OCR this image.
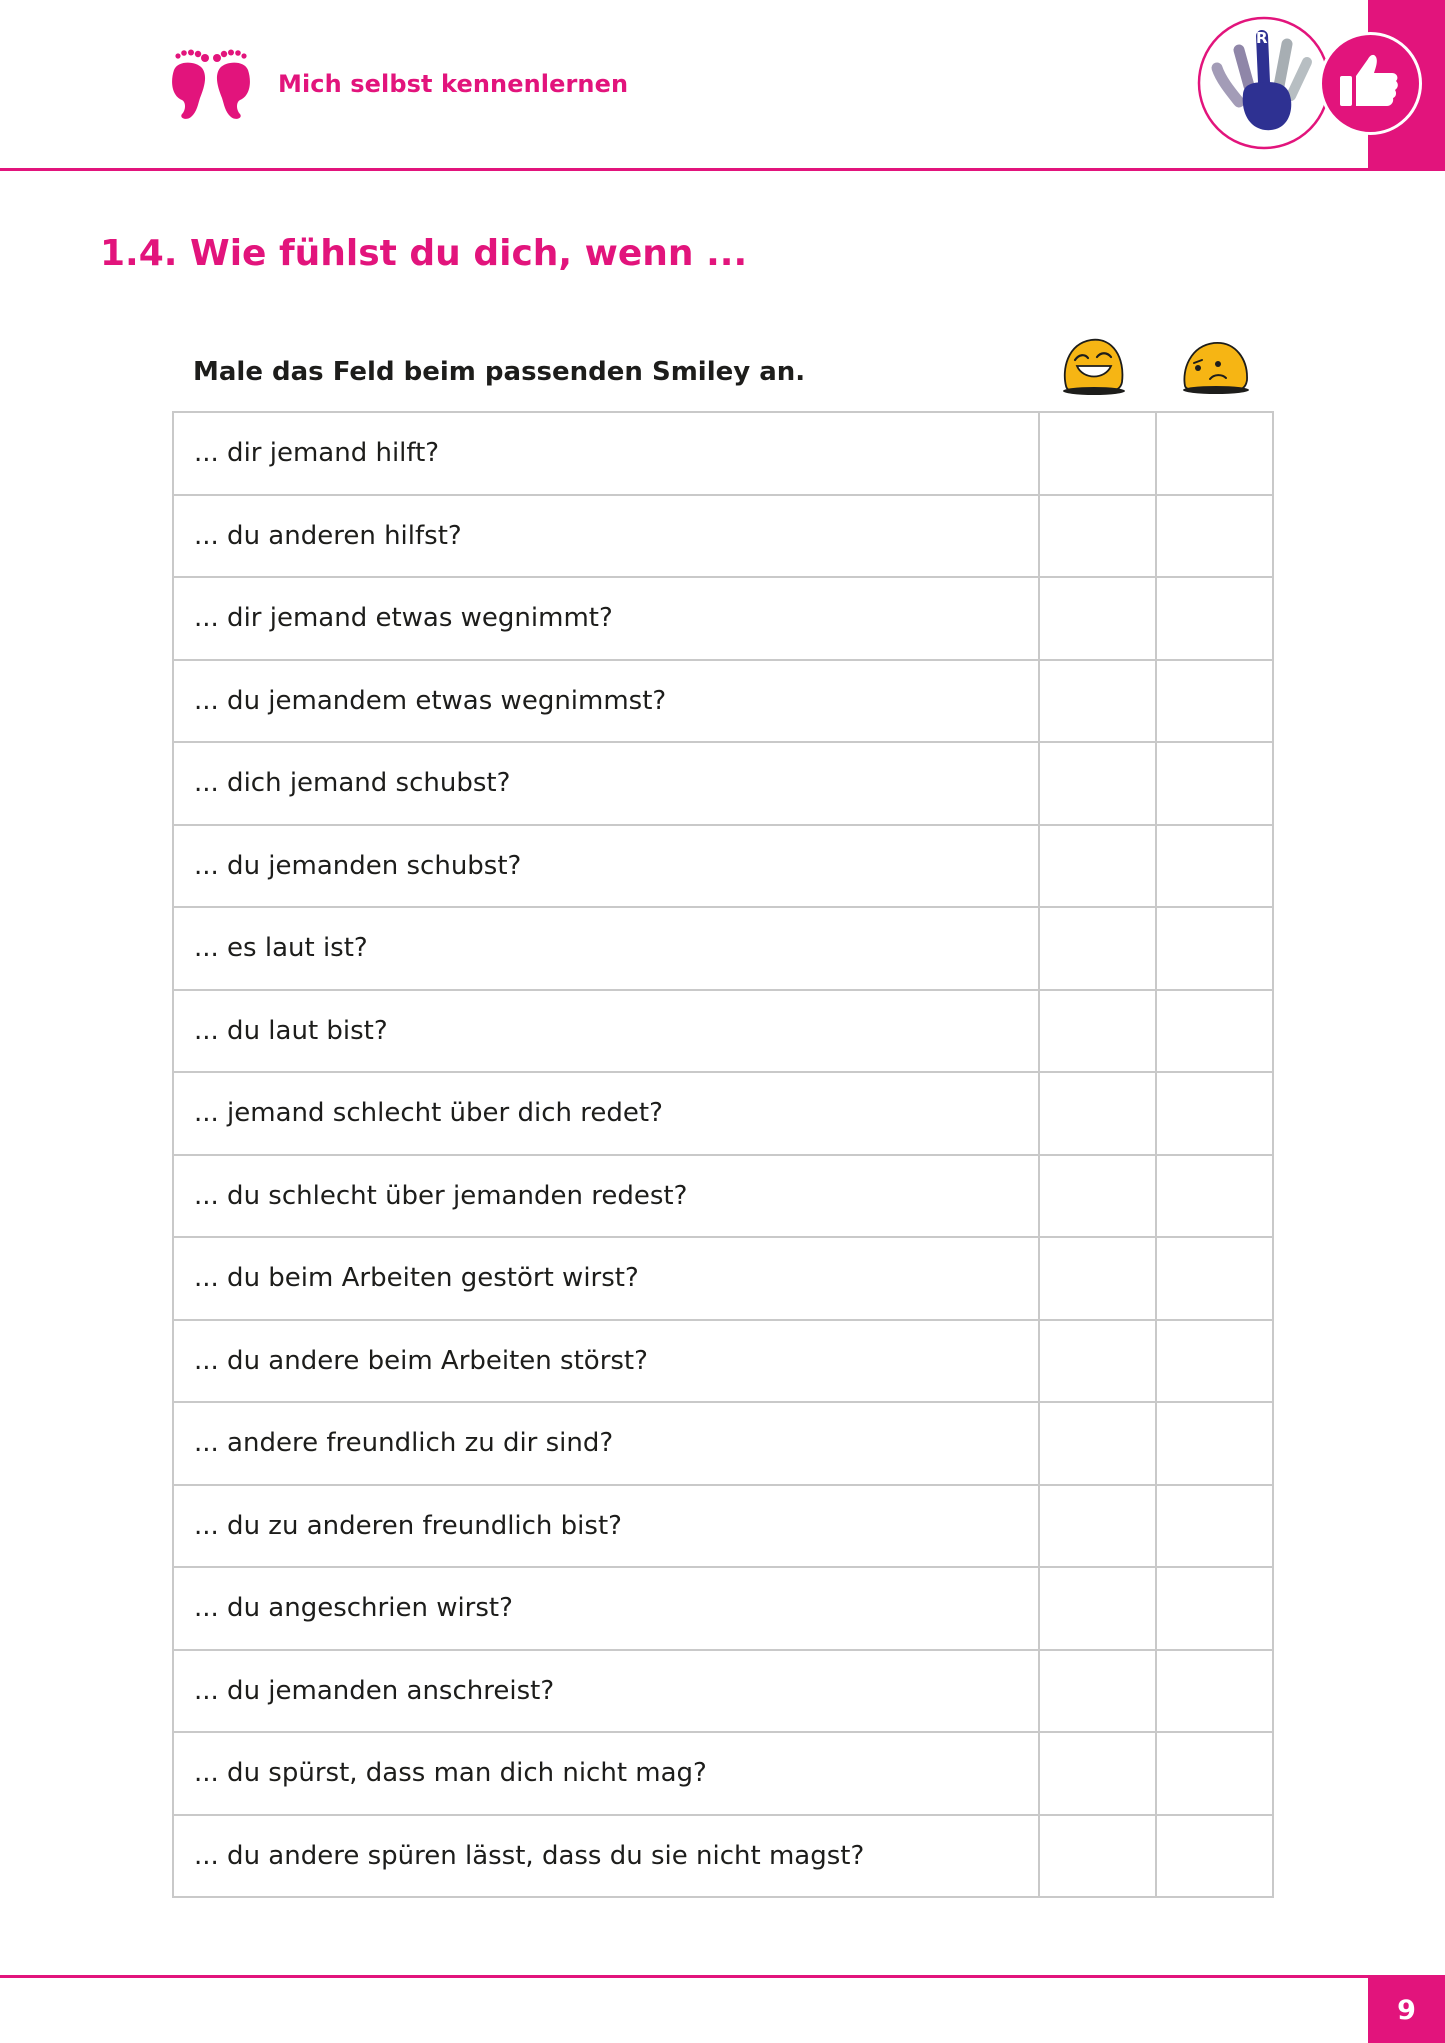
1 Mich selbst kennenlernen
R
1.4. Wie fühlst du dich, wenn ...
Male das Feld beim passenden Smiley an.
... dir jemand hilft?		
... du anderen hilfst?		
... dir jemand etwas wegnimmt?		
... du jemandem etwas wegnimmst?		
... dich jemand schubst?		
... du jemanden schubst?		
... es laut ist?		
... du laut bist?		
... jemand schlecht über dich redet?		
... du schlecht über jemanden redest?		
... du beim Arbeiten gestört wirst?		
... du andere beim Arbeiten störst?		
... andere freundlich zu dir sind?		
... du zu anderen freundlich bist?		
... du angeschrien wirst?		
... du jemanden anschreist?		
... du spürst, dass man dich nicht mag?		
... du andere spüren lässt, dass du sie nicht magst?		
9
